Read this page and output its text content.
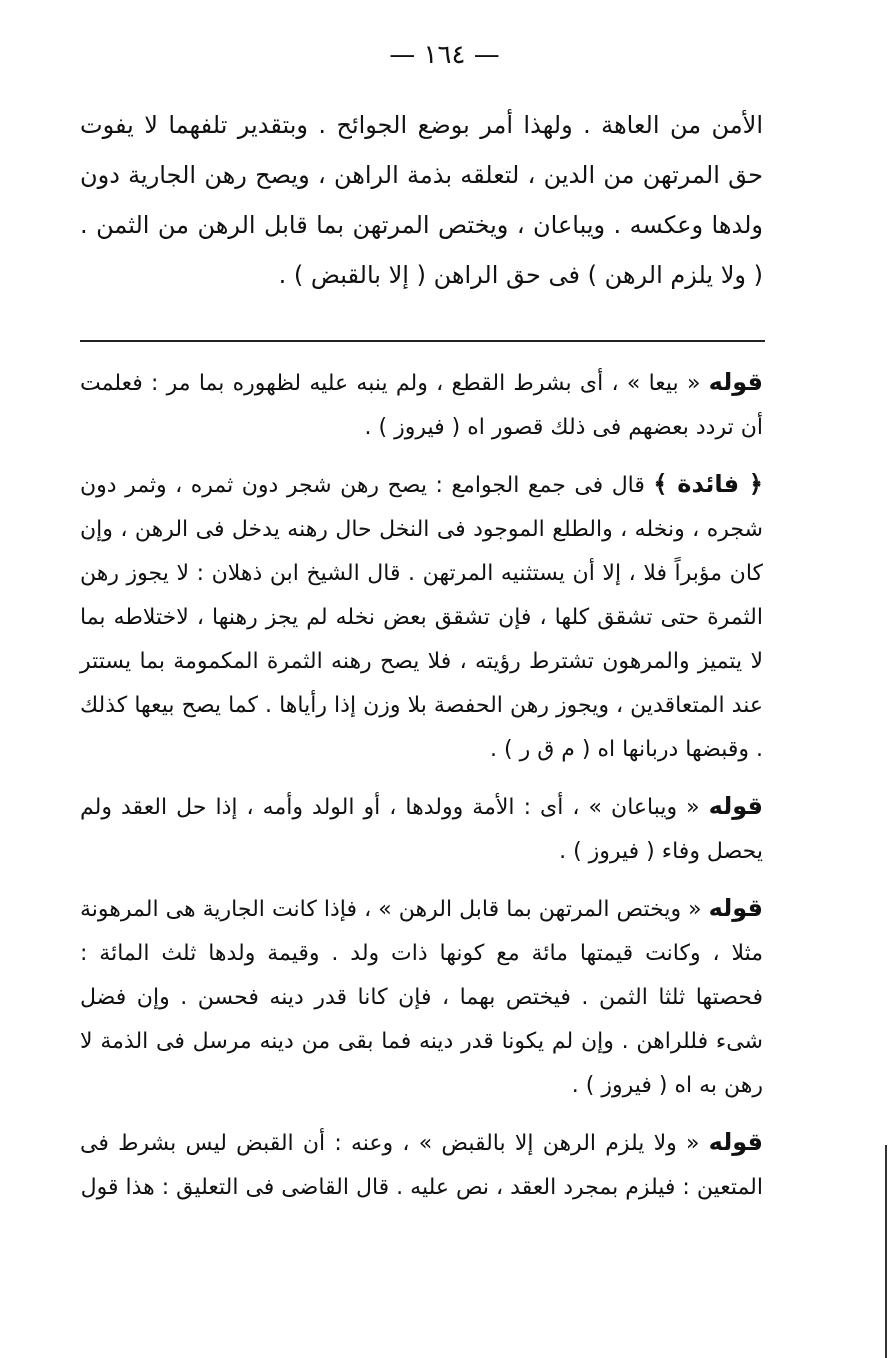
— ١٦٤ —

الأمن من العاهة . ولهذا أمر بوضع الجوائح . وبتقدير تلفهما لا يفوت حق المرتهن من الدين ، لتعلقه بذمة الراهن ، ويصح رهن الجارية دون ولدها وعكسه . ويباعان ، ويختص المرتهن بما قابل الرهن من الثمن . ( ولا يلزم الرهن ) فى حق الراهن ( إلا بالقبض ) .

قوله « بيعا » ، أى بشرط القطع ، ولم ينبه عليه لظهوره بما مر : فعلمت أن تردد بعضهم فى ذلك قصور اه ( فيروز ) .

﴿ فائدة ﴾ قال فى جمع الجوامع : يصح رهن شجر دون ثمره ، وثمر دون شجره ، ونخله ، والطلع الموجود فى النخل حال رهنه يدخل فى الرهن ، وإن كان مؤبراً فلا ، إلا أن يستثنيه المرتهن . قال الشيخ ابن ذهلان : لا يجوز رهن الثمرة حتى تشقق كلها ، فإن تشقق بعض نخله لم يجز رهنها ، لاختلاطه بما لا يتميز والمرهون تشترط رؤيته ، فلا يصح رهنه الثمرة المكمومة بما يستتر عند المتعاقدين ، ويجوز رهن الحفصة بلا وزن إذا رأياها . كما يصح بيعها كذلك . وقبضها دربانها اه ( م ق ر ) .

قوله « ويباعان » ، أى : الأمة وولدها ، أو الولد وأمه ، إذا حل العقد ولم يحصل وفاء ( فيروز ) .

قوله « ويختص المرتهن بما قابل الرهن » ، فإذا كانت الجارية هى المرهونة مثلا ، وكانت قيمتها مائة مع كونها ذات ولد . وقيمة ولدها ثلث المائة : فحصتها ثلثا الثمن . فيختص بهما ، فإن كانا قدر دينه فحسن . وإن فضل شىء فللراهن . وإن لم يكونا قدر دينه فما بقى من دينه مرسل فى الذمة لا رهن به اه ( فيروز ) .

قوله « ولا يلزم الرهن إلا بالقبض » ، وعنه : أن القبض ليس بشرط فى المتعين : فيلزم بمجرد العقد ، نص عليه . قال القاضى فى التعليق : هذا قول
